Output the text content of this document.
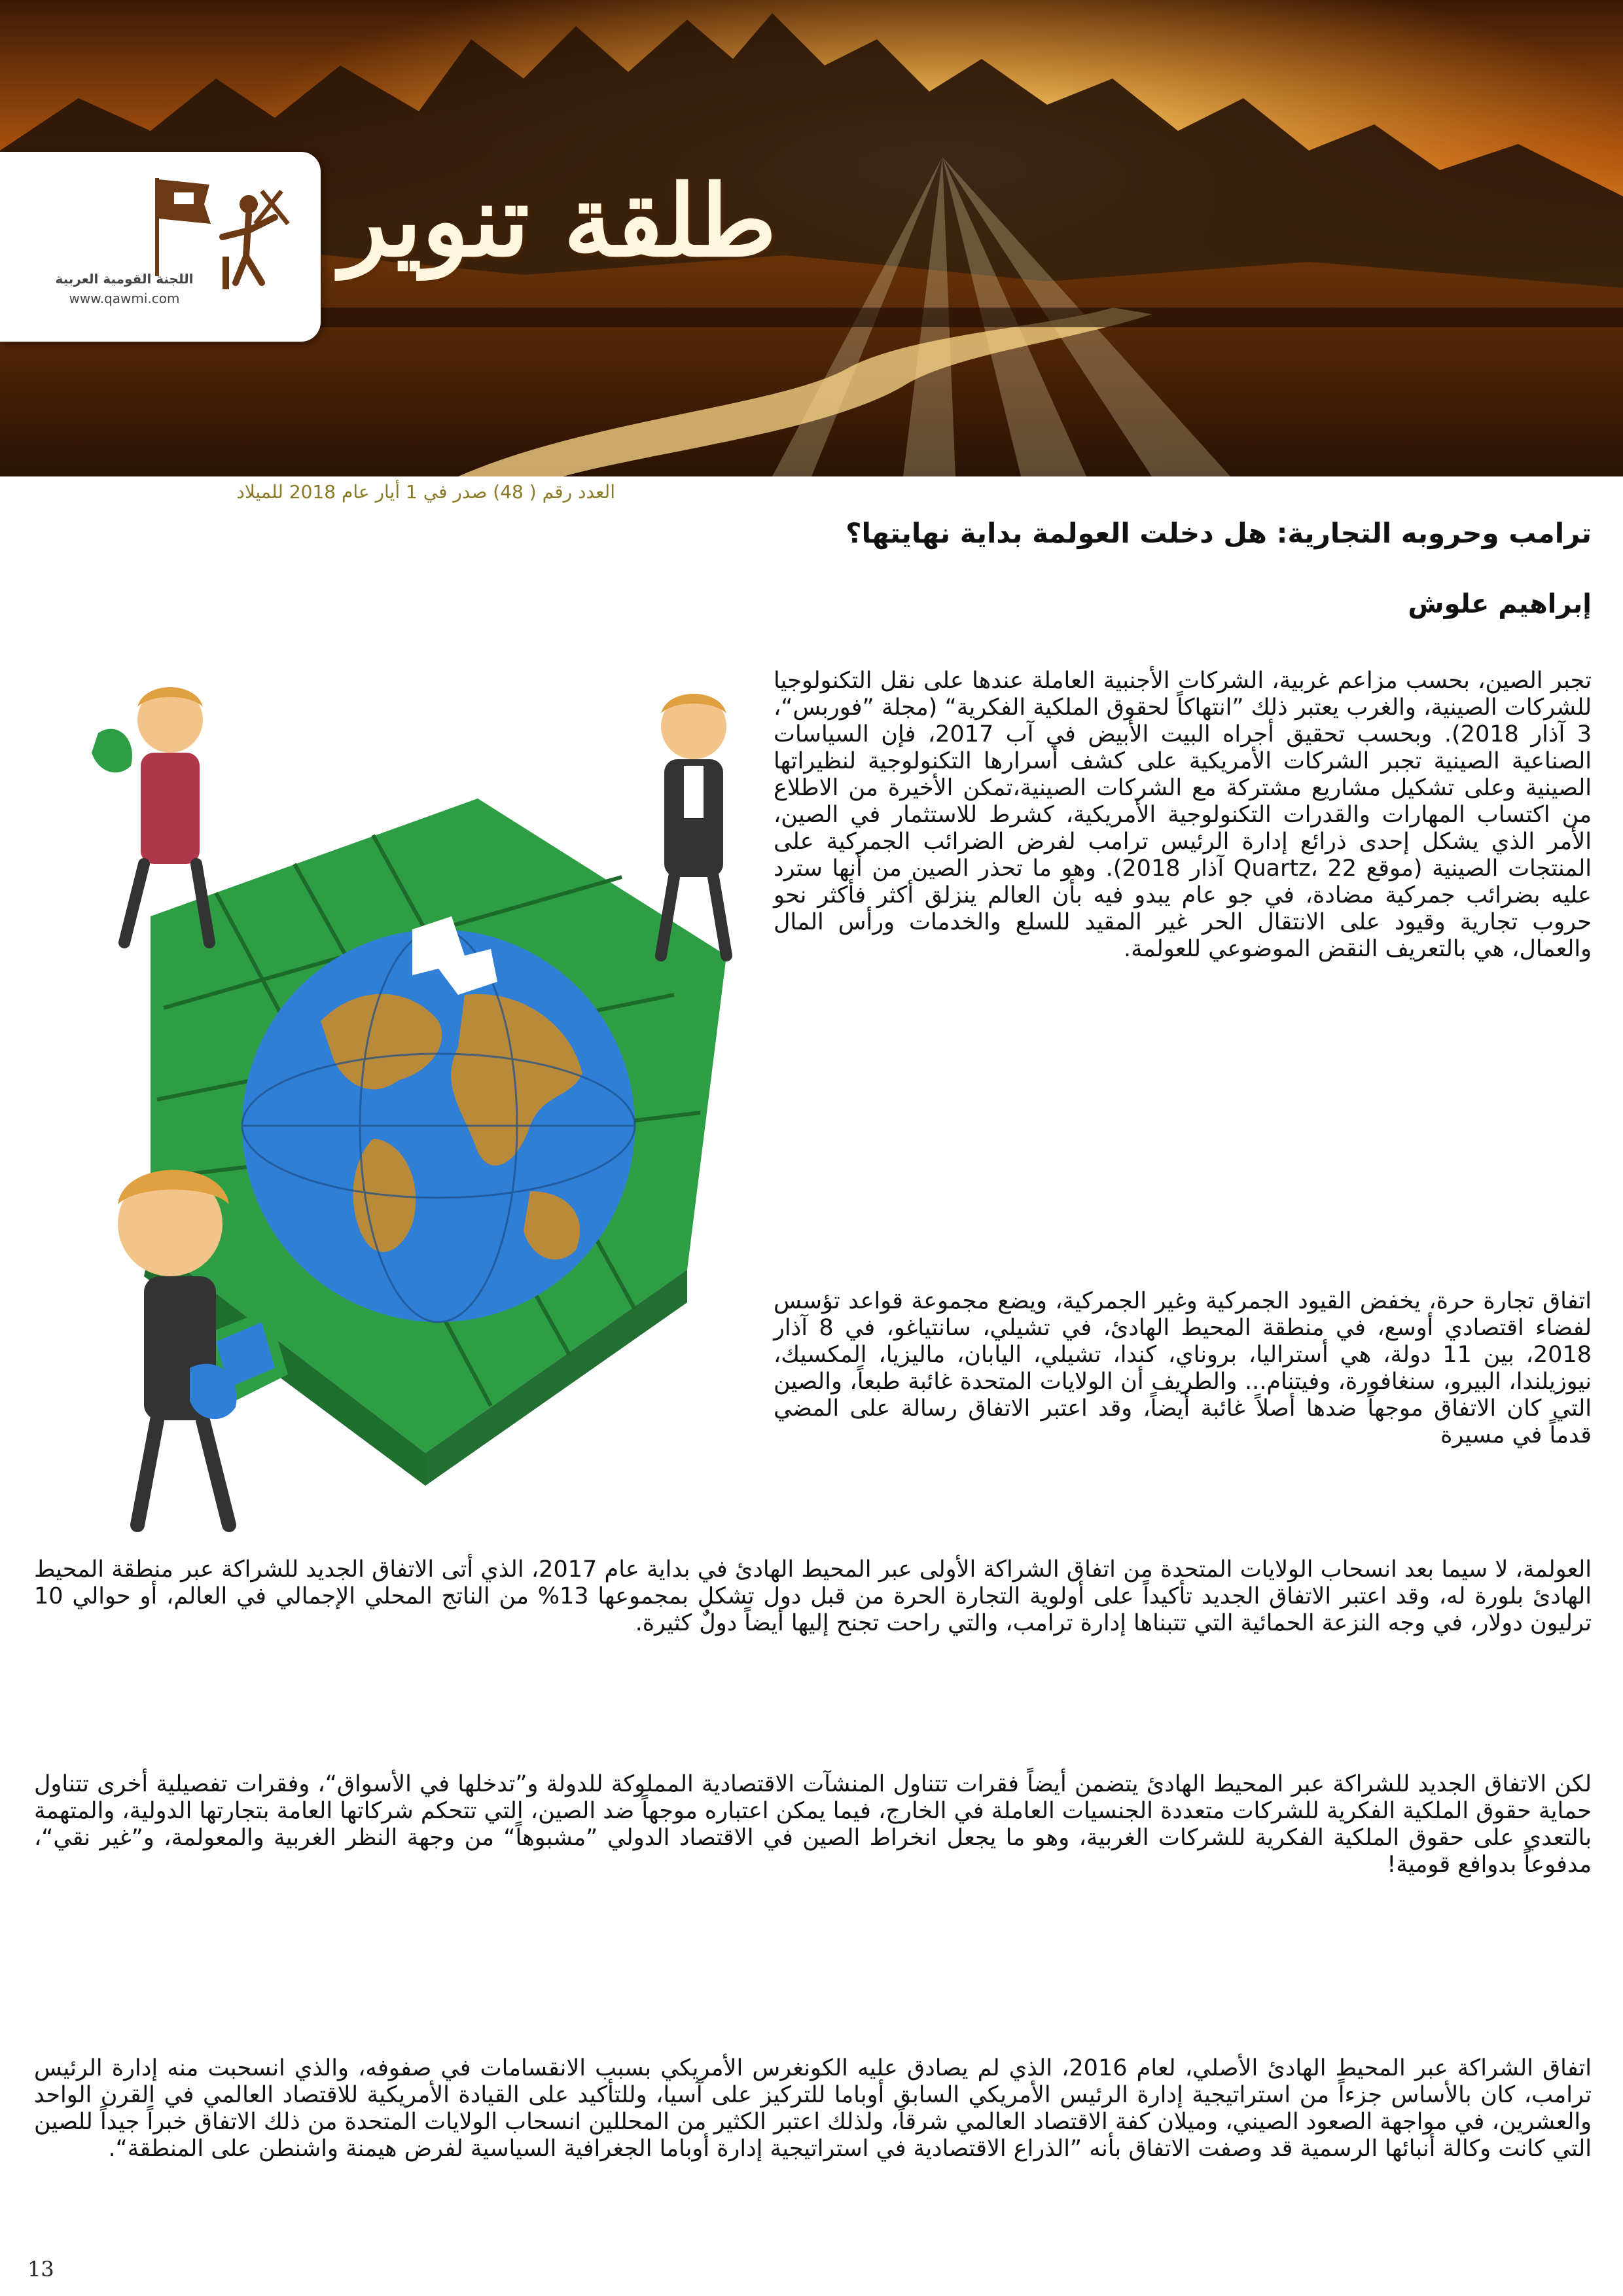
اللجنة القومية العربية
www.qawmi.com
طلقة تنوير
العدد رقم ( 48) صدر في 1 أيار عام 2018 للميلاد
ترامب وحروبه التجارية: هل دخلت العولمة بداية نهايتها؟
إبراهيم علوش

تجبر الصين، بحسب مزاعم غربية، الشركات الأجنبية العاملة عندها على نقل التكنولوجيا للشركات الصينية، والغرب يعتبر ذلك ”انتهاكاً لحقوق الملكية الفكرية“ (مجلة ”فوربس“، 3 آذار 2018). وبحسب تحقيق أجراه البيت الأبيض في آب 2017، فإن السياسات الصناعية الصينية تجبر الشركات الأمريكية على كشف أسرارها التكنولوجية لنظيراتها الصينية وعلى تشكيل مشاريع مشتركة مع الشركات الصينية،تمكن الأخيرة من الاطلاع من اكتساب المهارات والقدرات التكنولوجية الأمريكية، كشرط للاستثمار في الصين، الأمر الذي يشكل إحدى ذرائع إدارة الرئيس ترامب لفرض الضرائب الجمركية على المنتجات الصينية (موقع Quartz، 22 آذار 2018). وهو ما تحذر الصين من أنها سترد عليه بضرائب جمركية مضادة، في جو عام يبدو فيه بأن العالم ينزلق أكثر فأكثر نحو حروب تجارية وقيود على الانتقال الحر غير المقيد للسلع والخدمات ورأس المال والعمال، هي بالتعريف النقض الموضوعي للعولمة.

اتفاق تجارة حرة، يخفض القيود الجمركية وغير الجمركية، ويضع مجموعة قواعد تؤسس لفضاء اقتصادي أوسع، في منطقة المحيط الهادئ، في تشيلي، سانتياغو، في 8 آذار 2018، بين 11 دولة، هي أستراليا، بروناي، كندا، تشيلي، اليابان، ماليزيا، المكسيك، نيوزيلندا، البيرو، سنغافورة، وفيتنام... والطريف أن الولايات المتحدة غائبة طبعاً، والصين التي كان الاتفاق موجهاً ضدها أصلاً غائبة أيضاً، وقد اعتبر الاتفاق رسالة على المضي قدماً في مسيرة

العولمة، لا سيما بعد انسحاب الولايات المتحدة من اتفاق الشراكة الأولى عبر المحيط الهادئ في بداية عام 2017، الذي أتى الاتفاق الجديد للشراكة عبر منطقة المحيط الهادئ بلورة له، وقد اعتبر الاتفاق الجديد تأكيداً على أولوية التجارة الحرة من قبل دول تشكل بمجموعها 13% من الناتج المحلي الإجمالي في العالم، أو حوالي 10 ترليون دولار، في وجه النزعة الحمائية التي تتبناها إدارة ترامب، والتي راحت تجنح إليها أيضاً دولٌ كثيرة.

لكن الاتفاق الجديد للشراكة عبر المحيط الهادئ يتضمن أيضاً فقرات تتناول المنشآت الاقتصادية المملوكة للدولة و”تدخلها في الأسواق“، وفقرات تفصيلية أخرى تتناول حماية حقوق الملكية الفكرية للشركات متعددة الجنسيات العاملة في الخارج، فيما يمكن اعتباره موجهاً ضد الصين، التي تتحكم شركاتها العامة بتجارتها الدولية، والمتهمة بالتعدي على حقوق الملكية الفكرية للشركات الغربية، وهو ما يجعل انخراط الصين في الاقتصاد الدولي ”مشبوهاً“ من وجهة النظر الغربية والمعولمة، و”غير نقي“، مدفوعاً بدوافع قومية!

اتفاق الشراكة عبر المحيط الهادئ الأصلي، لعام 2016، الذي لم يصادق عليه الكونغرس الأمريكي بسبب الانقسامات في صفوفه، والذي انسحبت منه إدارة الرئيس ترامب، كان بالأساس جزءاً من استراتيجية إدارة الرئيس الأمريكي السابق أوباما للتركيز على آسيا، وللتأكيد على القيادة الأمريكية للاقتصاد العالمي في القرن الواحد والعشرين، في مواجهة الصعود الصيني، وميلان كفة الاقتصاد العالمي شرقاً، ولذلك اعتبر الكثير من المحللين انسحاب الولايات المتحدة من ذلك الاتفاق خبراً جيداً للصين التي كانت وكالة أنبائها الرسمية قد وصفت الاتفاق بأنه ”الذراع الاقتصادية في استراتيجية إدارة أوباما الجغرافية السياسية لفرض هيمنة واشنطن على المنطقة“.

13
